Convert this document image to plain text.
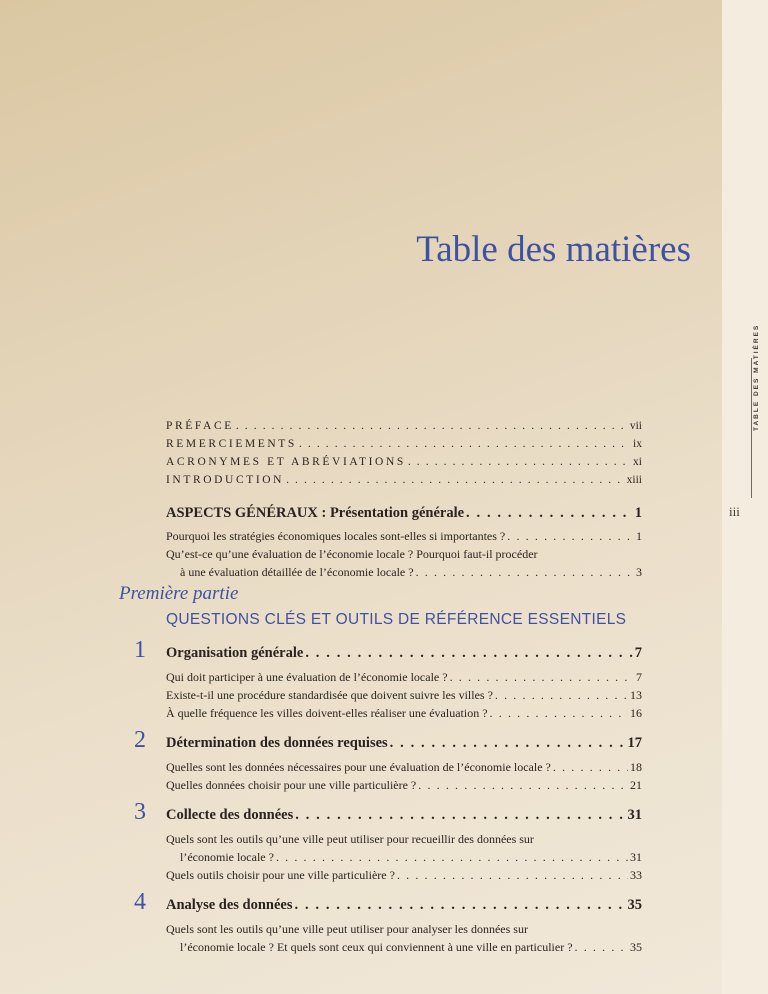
TABLE DES MATIÈRES
iii
Table des matières
PRÉFACE . . .	vii
REMERCIEMENTS . . .	ix
ACRONYMES ET ABRÉVIATIONS . . .	xi
INTRODUCTION . . .	xiii
ASPECTS GÉNÉRAUX : Présentation générale . . .	1
Pourquoi les stratégies économiques locales sont-elles si importantes ? . . .	1
Qu’est-ce qu’une évaluation de l’économie locale ? Pourquoi faut-il procéder
à une évaluation détaillée de l’économie locale ? . . .	3
Première partie
QUESTIONS CLÉS ET OUTILS DE RÉFÉRENCE ESSENTIELS
1 Organisation générale . . .	7
Qui doit participer à une évaluation de l’économie locale ? . . .	7
Existe-t-il une procédure standardisée que doivent suivre les villes ? . . .	13
À quelle fréquence les villes doivent-elles réaliser une évaluation ? . . .	16
2 Détermination des données requises . . .	17
Quelles sont les données nécessaires pour une évaluation de l’économie locale ? . . .	18
Quelles données choisir pour une ville particulière ? . . .	21
3 Collecte des données . . .	31
Quels sont les outils qu’une ville peut utiliser pour recueillir des données sur
l’économie locale ? . . .	31
Quels outils choisir pour une ville particulière ? . . .	33
4 Analyse des données . . .	35
Quels sont les outils qu’une ville peut utiliser pour analyser les données sur
l’économie locale ? Et quels sont ceux qui conviennent à une ville en particulier ? . . .	35
